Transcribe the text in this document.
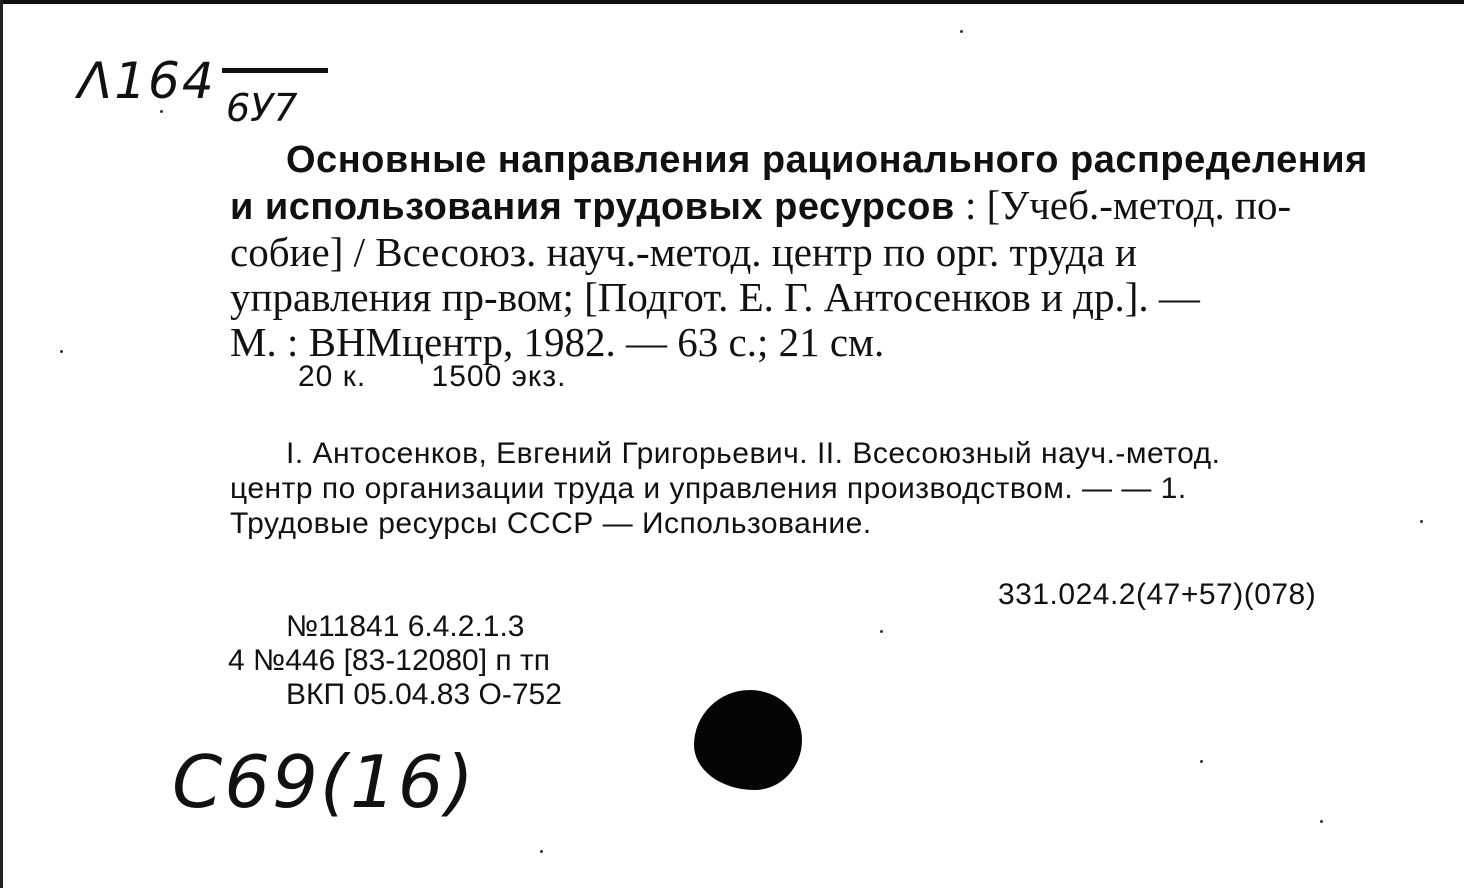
Λ164 6У7
Основные направления рационального распределения
и использования трудовых ресурсов : [Учеб.-метод. по-
собие] / Всесоюз. науч.-метод. центр по орг. труда и
управления пр-вом; [Подгот. Е. Г. Антосенков и др.]. —
М. : ВНМцентр, 1982. — 63 с.; 21 см.
20 к. 1500 экз.
I. Антосенков, Евгений Григорьевич. II. Всесоюзный науч.-метод.
центр по организации труда и управления производством. — — 1.
Трудовые ресурсы СССР — Использование.
331.024.2(47+57)(078)
№11841 6.4.2.1.3
4 №446 [83-12080] п тп
ВКП 05.04.83 О-752
С69(16)
